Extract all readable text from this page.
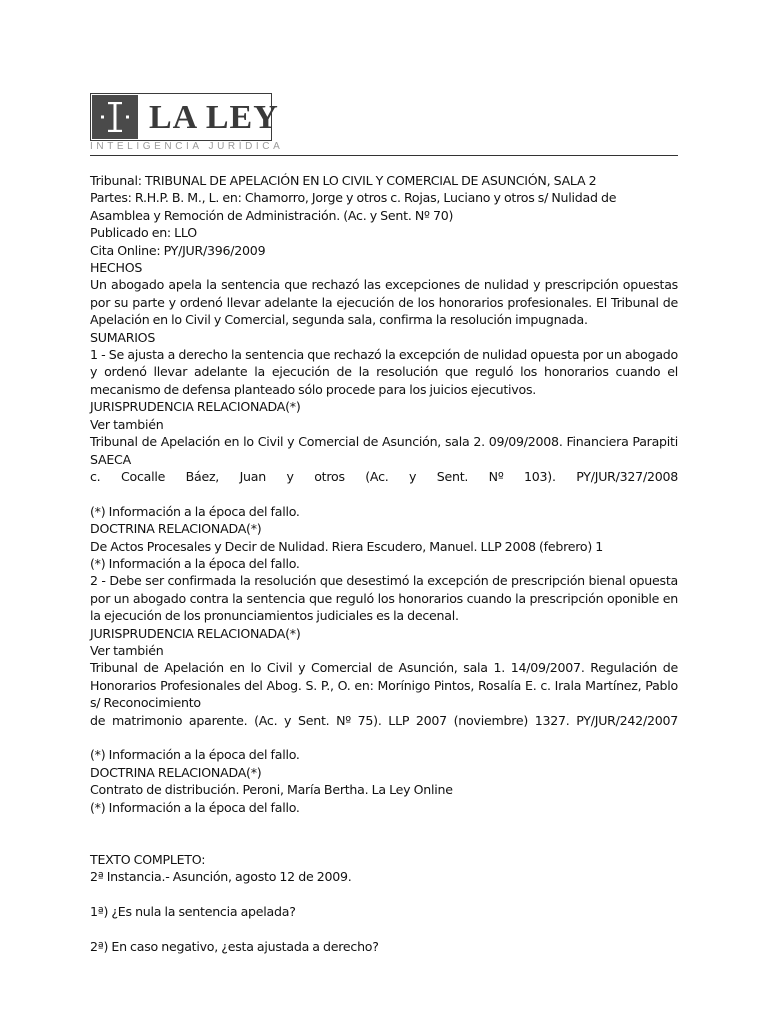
LA LEY
INTELIGENCIA JURÍDICA

Tribunal: TRIBUNAL DE APELACIÓN EN LO CIVIL Y COMERCIAL DE ASUNCIÓN, SALA 2

Partes: R.H.P. B. M., L. en: Chamorro, Jorge y otros c. Rojas, Luciano y otros s/ Nulidad de Asamblea y Remoción de Administración. (Ac. y Sent. Nº 70)

Publicado en: LLO

Cita Online: PY/JUR/396/2009

HECHOS

Un abogado apela la sentencia que rechazó las excepciones de nulidad y prescripción opuestas por su parte y ordenó llevar adelante la ejecución de los honorarios profesionales. El Tribunal de Apelación en lo Civil y Comercial, segunda sala, confirma la resolución impugnada.

SUMARIOS

1 - Se ajusta a derecho la sentencia que rechazó la excepción de nulidad opuesta por un abogado y ordenó llevar adelante la ejecución de la resolución que reguló los honorarios cuando el mecanismo de defensa planteado sólo procede para los juicios ejecutivos.

JURISPRUDENCIA RELACIONADA(*)

Ver también

Tribunal de Apelación en lo Civil y Comercial de Asunción, sala 2. 09/09/2008. Financiera Parapiti SAECA

c. Cocalle Báez, Juan y otros (Ac. y Sent. Nº 103). PY/JUR/327/2008

(*) Información a la época del fallo.

DOCTRINA RELACIONADA(*)

De Actos Procesales y Decir de Nulidad. Riera Escudero, Manuel. LLP 2008 (febrero) 1

(*) Información a la época del fallo.

2 - Debe ser confirmada la resolución que desestimó la excepción de prescripción bienal opuesta por un abogado contra la sentencia que reguló los honorarios cuando la prescripción oponible en la ejecución de los pronunciamientos judiciales es la decenal.

JURISPRUDENCIA RELACIONADA(*)

Ver también

Tribunal de Apelación en lo Civil y Comercial de Asunción, sala 1. 14/09/2007. Regulación de Honorarios Profesionales del Abog. S. P., O. en: Morínigo Pintos, Rosalía E. c. Irala Martínez, Pablo s/ Reconocimiento

de matrimonio aparente. (Ac. y Sent. Nº 75). LLP 2007 (noviembre) 1327. PY/JUR/242/2007

(*) Información a la época del fallo.

DOCTRINA RELACIONADA(*)

Contrato de distribución. Peroni, María Bertha. La Ley Online

(*) Información a la época del fallo.

TEXTO COMPLETO:

2ª Instancia.- Asunción, agosto 12 de 2009.

1ª) ¿Es nula la sentencia apelada?

2ª) En caso negativo, ¿esta ajustada a derecho?
